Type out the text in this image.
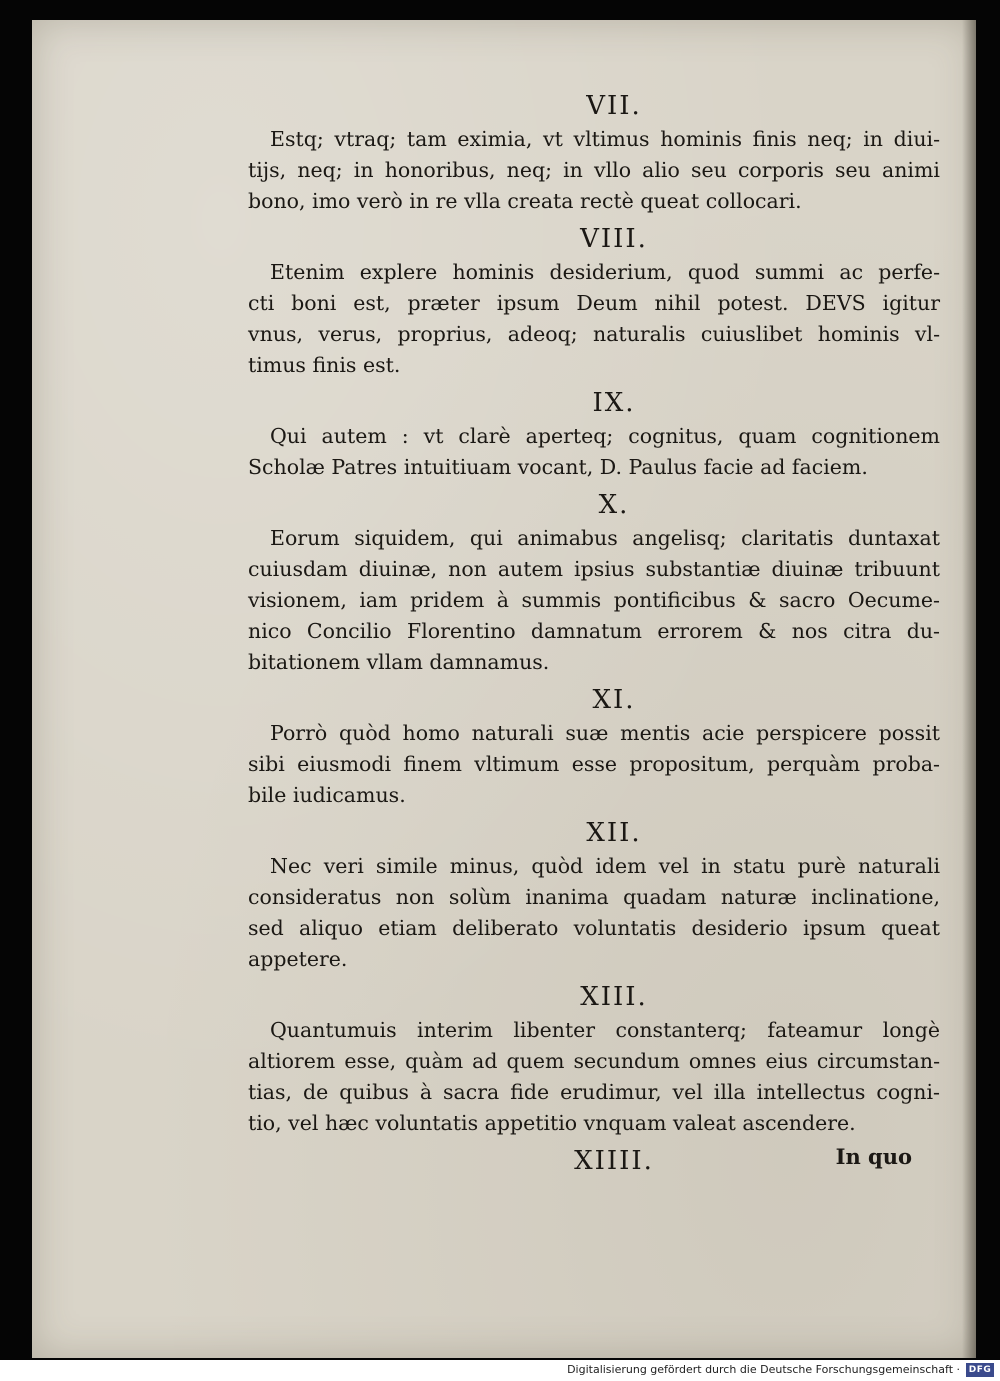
VII.
Estq; vtraq; tam eximia, vt vltimus hominis finis neq; in diui-
tijs, neq; in honoribus, neq; in vllo alio seu corporis seu animi
bono, imo verò in re vlla creata rectè queat collocari.
VIII.
Etenim explere hominis desiderium, quod summi ac perfe-
cti boni est, præter ipsum Deum nihil potest. DEVS igitur
vnus, verus, proprius, adeoq; naturalis cuiuslibet hominis vl-
timus finis est.
IX.
Qui autem : vt clarè aperteq; cognitus, quam cognitionem
Scholæ Patres intuitiuam vocant, D. Paulus facie ad faciem.
X.
Eorum siquidem, qui animabus angelisq; claritatis duntaxat
cuiusdam diuinæ, non autem ipsius substantiæ diuinæ tribuunt
visionem, iam pridem à summis pontificibus & sacro Oecume-
nico Concilio Florentino damnatum errorem & nos citra du-
bitationem vllam damnamus.
XI.
Porrò quòd homo naturali suæ mentis acie perspicere possit
sibi eiusmodi finem vltimum esse propositum, perquàm proba-
bile iudicamus.
XII.
Nec veri simile minus, quòd idem vel in statu purè naturali
consideratus non solùm inanima quadam naturæ inclinatione,
sed aliquo etiam deliberato voluntatis desiderio ipsum queat
appetere.
XIII.
Quantumuis interim libenter constanterq; fateamur longè
altiorem esse, quàm ad quem secundum omnes eius circumstan-
tias, de quibus à sacra fide erudimur, vel illa intellectus cogni-
tio, vel hæc voluntatis appetitio vnquam valeat ascendere.
XIIII.	In quo
Digitalisierung gefördert durch die Deutsche Forschungsgemeinschaft · DFG
